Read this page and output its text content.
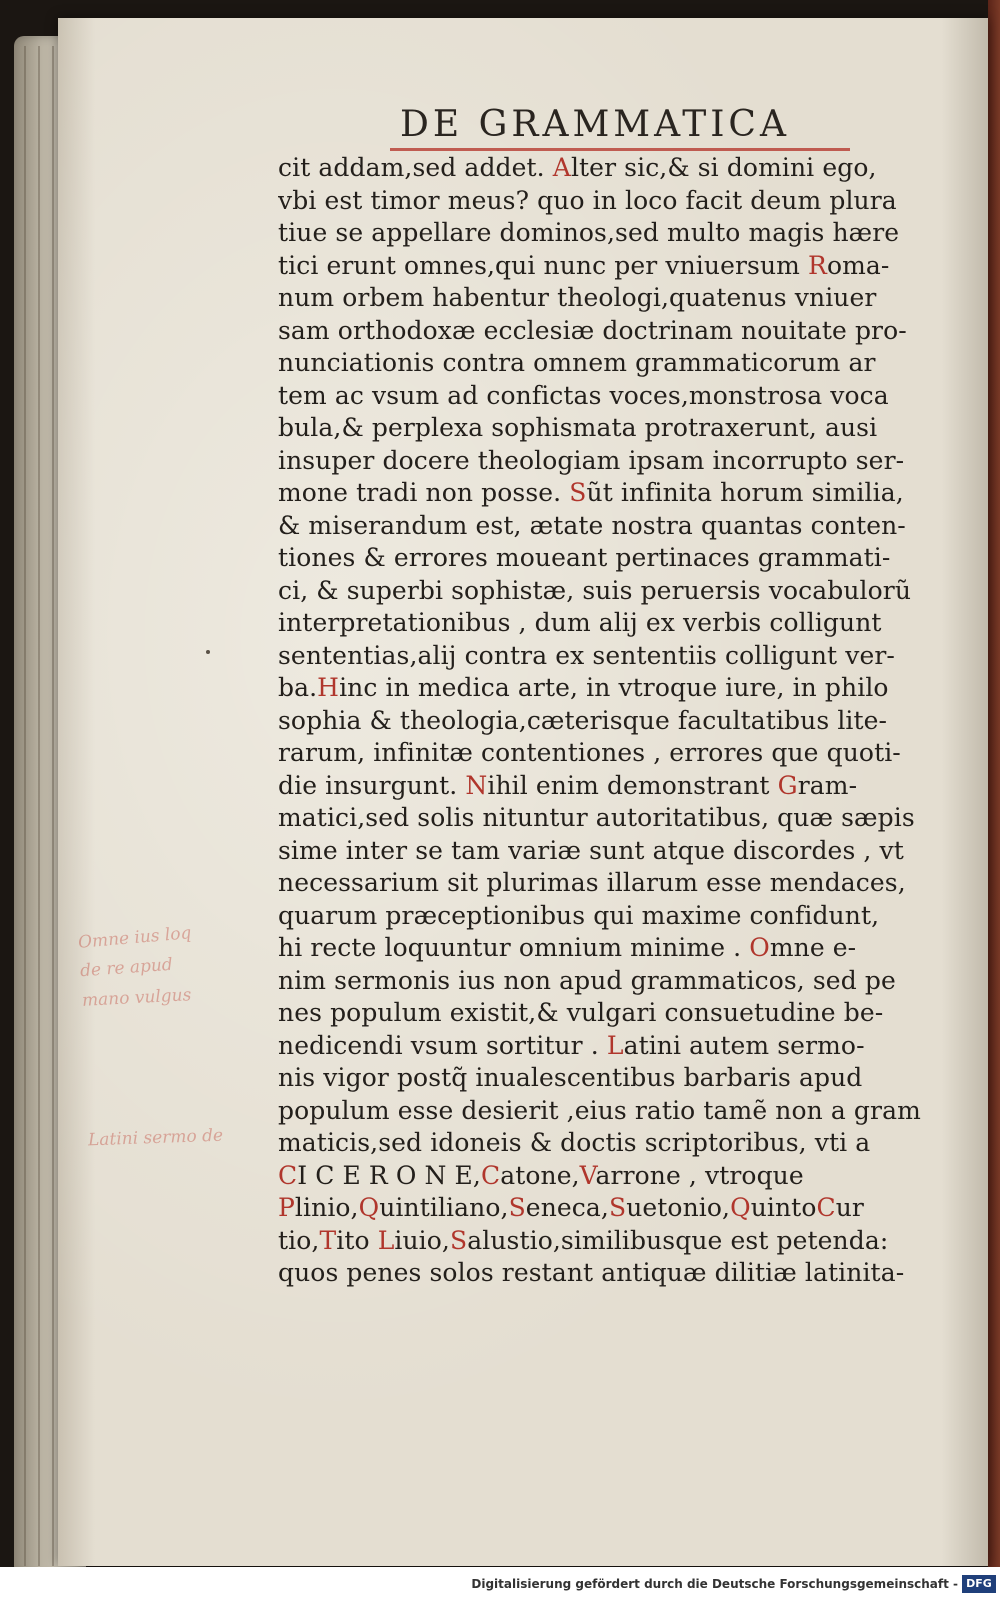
DE GRAMMATICA
Omne ius loq
de re apud
mano vulgus
Latini sermo de
cit addam,sed addet. Alter sic,& si domini ego,
vbi est timor meus? quo in loco facit deum plura
tiue se appellare dominos,sed multo magis hære
tici erunt omnes,qui nunc per vniuersum Roma-
num orbem habentur theologi,quatenus vniuer
sam orthodoxæ ecclesiæ doctrinam nouitate pro-
nunciationis contra omnem grammaticorum ar
tem ac vsum ad confictas voces,monstrosa voca
bula,& perplexa sophismata protraxerunt, ausi
insuper docere theologiam ipsam incorrupto ser-
mone tradi non posse. Sũt infinita horum similia,
& miserandum est, ætate nostra quantas conten-
tiones & errores moueant pertinaces grammati-
ci, & superbi sophistæ, suis peruersis vocabulorũ
interpretationibus , dum alij ex verbis colligunt
sententias,alij contra ex sententiis colligunt ver-
ba.Hinc in medica arte, in vtroque iure, in philo
sophia & theologia,cæterisque facultatibus lite-
rarum, infinitæ contentiones , errores que quoti-
die insurgunt. Nihil enim demonstrant Gram-
matici,sed solis nituntur autoritatibus, quæ sæpis
sime inter se tam variæ sunt atque discordes , vt
necessarium sit plurimas illarum esse mendaces,
quarum præceptionibus qui maxime confidunt,
hi recte loquuntur omnium minime . Omne e-
nim sermonis ius non apud grammaticos, sed pe
nes populum existit,& vulgari consuetudine be-
nedicendi vsum sortitur . Latini autem sermo-
nis vigor postq̃ inualescentibus barbaris apud
populum esse desierit ,eius ratio tamẽ non a gram
maticis,sed idoneis & doctis scriptoribus, vti a
CI C E R O N E,Catone,Varrone , vtroque
Plinio,Quintiliano,Seneca,Suetonio,QuintoCur
tio,Tito Liuio,Salustio,similibusque est petenda:
quos penes solos restant antiquæ dilitiæ latinita-
Digitalisierung gefördert durch die Deutsche Forschungsgemeinschaft - DFG
